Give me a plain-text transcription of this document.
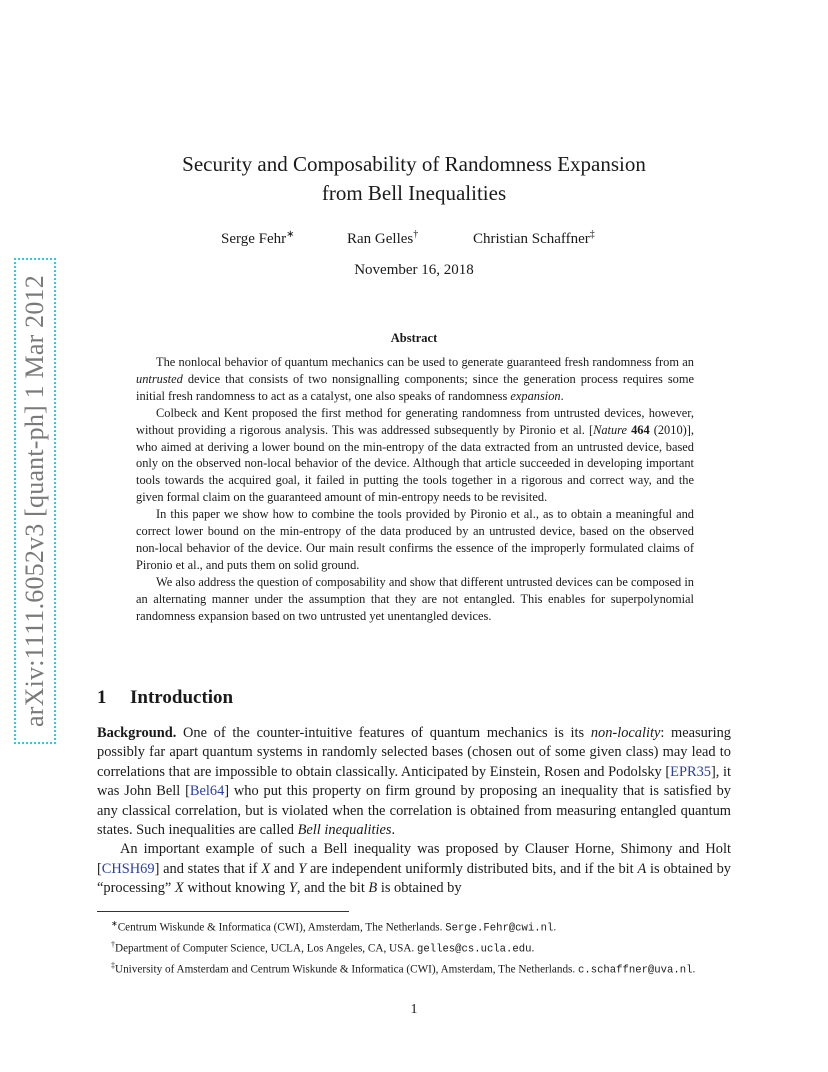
arXiv:1111.6052v3 [quant-ph] 1 Mar 2012
Security and Composability of Randomness Expansion
from Bell Inequalities
Serge Fehr∗	Ran Gelles†	Christian Schaffner‡
November 16, 2018
Abstract

The nonlocal behavior of quantum mechanics can be used to generate guaranteed fresh randomness from an untrusted device that consists of two nonsignalling components; since the generation process requires some initial fresh randomness to act as a catalyst, one also speaks of randomness expansion.

Colbeck and Kent proposed the first method for generating randomness from untrusted devices, however, without providing a rigorous analysis. This was addressed subsequently by Pironio et al. [Nature 464 (2010)], who aimed at deriving a lower bound on the min-entropy of the data extracted from an untrusted device, based only on the observed non-local behavior of the device. Although that article succeeded in developing important tools towards the acquired goal, it failed in putting the tools together in a rigorous and correct way, and the given formal claim on the guaranteed amount of min-entropy needs to be revisited.

In this paper we show how to combine the tools provided by Pironio et al., as to obtain a meaningful and correct lower bound on the min-entropy of the data produced by an untrusted device, based on the observed non-local behavior of the device. Our main result confirms the essence of the improperly formulated claims of Pironio et al., and puts them on solid ground.

We also address the question of composability and show that different untrusted devices can be composed in an alternating manner under the assumption that they are not entangled. This enables for superpolynomial randomness expansion based on two untrusted yet unentangled devices.

1 Introduction

Background. One of the counter-intuitive features of quantum mechanics is its non-locality: measuring possibly far apart quantum systems in randomly selected bases (chosen out of some given class) may lead to correlations that are impossible to obtain classically. Anticipated by Einstein, Rosen and Podolsky [EPR35], it was John Bell [Bel64] who put this property on firm ground by proposing an inequality that is satisfied by any classical correlation, but is violated when the correlation is obtained from measuring entangled quantum states. Such inequalities are called Bell inequalities.

An important example of such a Bell inequality was proposed by Clauser Horne, Shimony and Holt [CHSH69] and states that if X and Y are independent uniformly distributed bits, and if the bit A is obtained by “processing” X without knowing Y, and the bit B is obtained by

∗Centrum Wiskunde & Informatica (CWI), Amsterdam, The Netherlands. Serge.Fehr@cwi.nl.

†Department of Computer Science, UCLA, Los Angeles, CA, USA. gelles@cs.ucla.edu.

‡University of Amsterdam and Centrum Wiskunde & Informatica (CWI), Amsterdam, The Netherlands. c.schaffner@uva.nl.

1
